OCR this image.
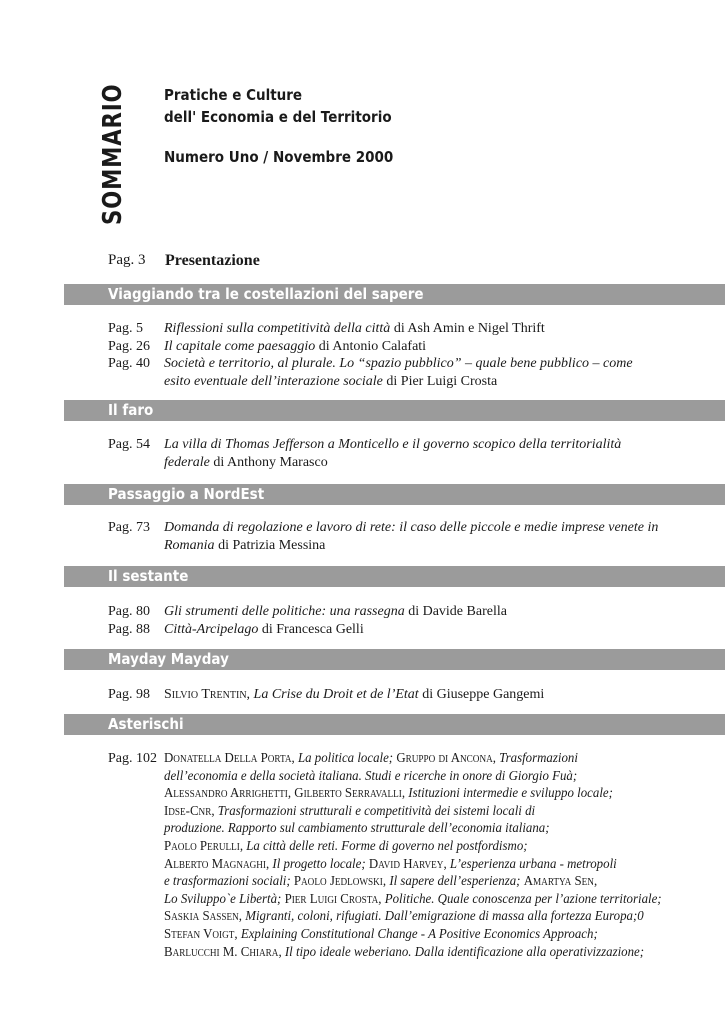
SOMMARIO Pratiche e Culture
dell' Economia e del Territorio
Numero Uno / Novembre 2000
Pag. 3	Presentazione
Viaggiando tra le costellazioni del sapere
Pag. 5 Riflessioni sulla competitività della città di Ash Amin e Nigel Thrift
Pag. 26 Il capitale come paesaggio di Antonio Calafati
Pag. 40 Società e territorio, al plurale. Lo “spazio pubblico” – quale bene pubblico – come esito eventuale dell’interazione sociale di Pier Luigi Crosta
Il faro
Pag. 54 La villa di Thomas Jefferson a Monticello e il governo scopico della territorialità federale di Anthony Marasco
Passaggio a NordEst
Pag. 73 Domanda di regolazione e lavoro di rete: il caso delle piccole e medie imprese venete in Romania di Patrizia Messina
Il sestante
Pag. 80 Gli strumenti delle politiche: una rassegna di Davide Barella
Pag. 88 Città-Arcipelago di Francesca Gelli
Mayday Mayday
Pag. 98 Silvio Trentin, La Crise du Droit et de l’Etat di Giuseppe Gangemi
Asterischi
Pag. 102 Donatella Della Porta, La politica locale; Gruppo di Ancona, Trasformazioni
dell’economia e della società italiana. Studi e ricerche in onore di Giorgio Fuà;
Alessandro Arrighetti, Gilberto Serravalli, Istituzioni intermedie e sviluppo locale;
Idse-Cnr, Trasformazioni strutturali e competitività dei sistemi locali di
produzione. Rapporto sul cambiamento strutturale dell’economia italiana;
Paolo Perulli, La città delle reti. Forme di governo nel postfordismo;
Alberto Magnaghi, Il progetto locale; David Harvey, L’esperienza urbana - metropoli
e trasformazioni sociali; Paolo Jedlowski, Il sapere dell’esperienza; Amartya Sen,
Lo Sviluppo`e Libertà; Pier Luigi Crosta, Politiche. Quale conoscenza per l’azione territoriale;
Saskia Sassen, Migranti, coloni, rifugiati. Dall’emigrazione di massa alla fortezza Europa;0
Stefan Voigt, Explaining Constitutional Change - A Positive Economics Approach;
Barlucchi M. Chiara, Il tipo ideale weberiano. Dalla identificazione alla operativizzazione;
